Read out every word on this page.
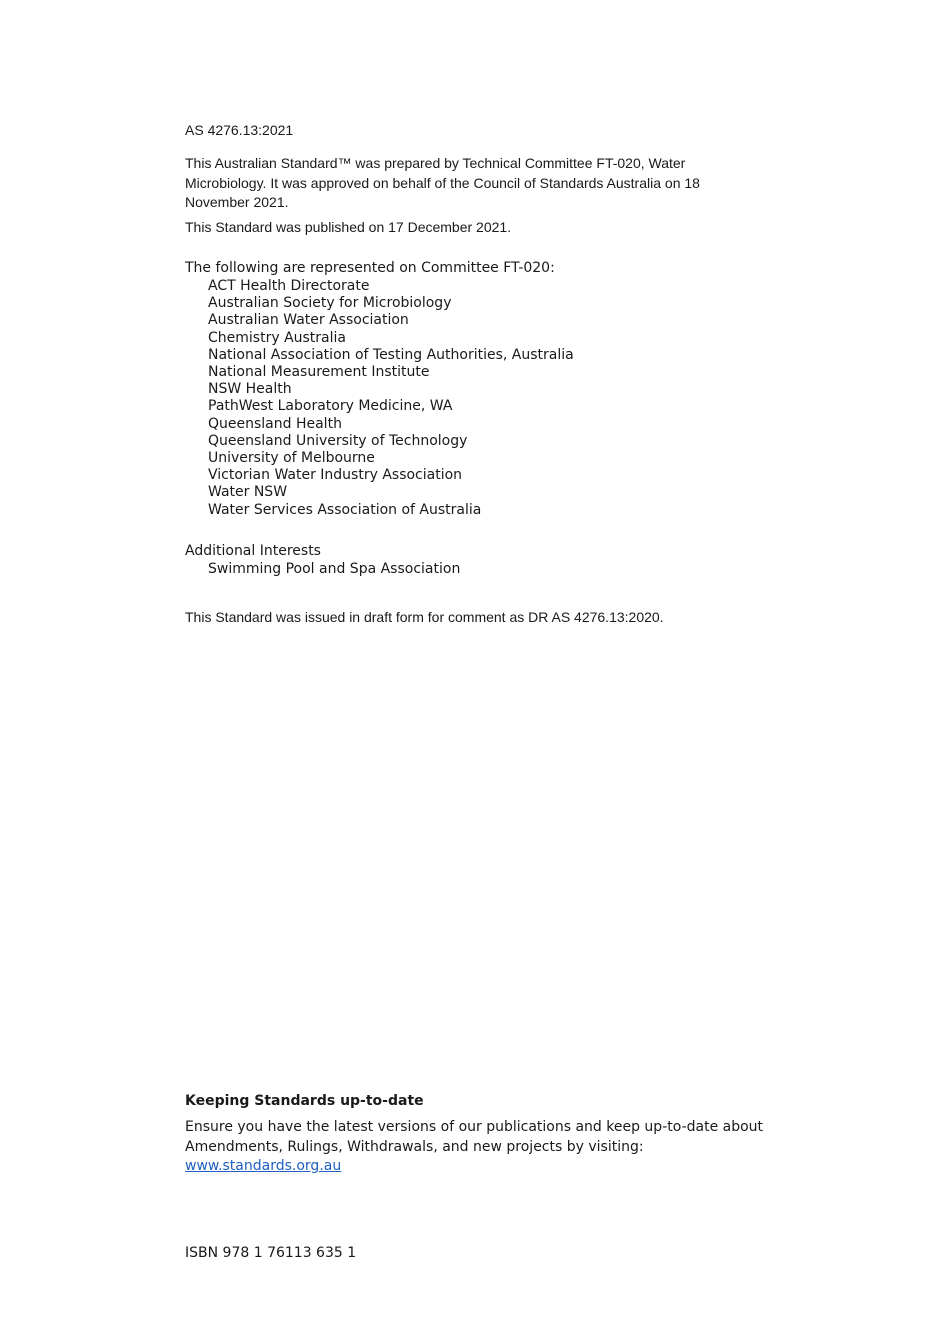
AS 4276.13:2021
This Australian Standard™ was prepared by Technical Committee FT-020, Water Microbiology. It was approved on behalf of the Council of Standards Australia on 18 November 2021.
This Standard was published on 17 December 2021.
The following are represented on Committee FT-020:
ACT Health Directorate
Australian Society for Microbiology
Australian Water Association
Chemistry Australia
National Association of Testing Authorities, Australia
National Measurement Institute
NSW Health
PathWest Laboratory Medicine, WA
Queensland Health
Queensland University of Technology
University of Melbourne
Victorian Water Industry Association
Water NSW
Water Services Association of Australia
Additional Interests
Swimming Pool and Spa Association
This Standard was issued in draft form for comment as DR AS 4276.13:2020.
Keeping Standards up-to-date
Ensure you have the latest versions of our publications and keep up-to-date about Amendments, Rulings, Withdrawals, and new projects by visiting:
www.standards.org.au
ISBN 978 1 76113 635 1
